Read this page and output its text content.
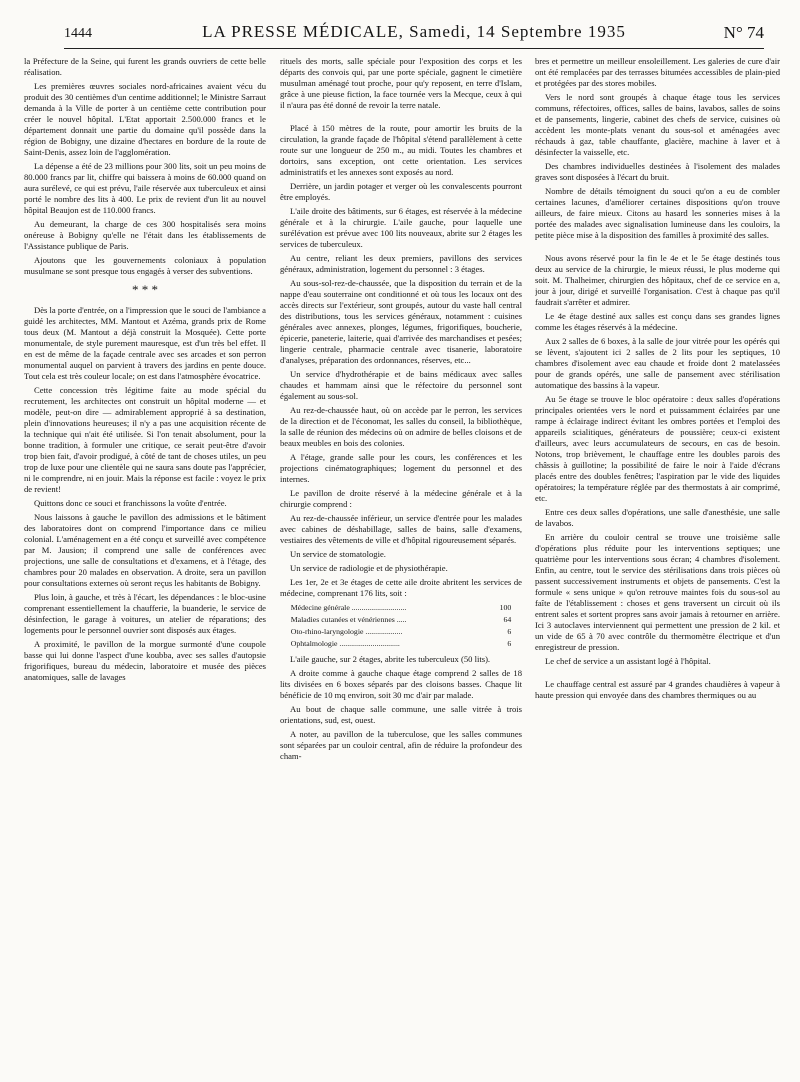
1444	LA PRESSE MÉDICALE, Samedi, 14 Septembre 1935	N° 74

la Préfecture de la Seine, qui furent les grands ouvriers de cette belle réalisation.

Les premières œuvres sociales nord-africaines avaient vécu du produit des 30 centièmes d'un centime additionnel; le Ministre Sarraut demanda à la Ville de porter à un centième cette contribution pour créer le nouvel hôpital. L'Etat apportait 2.500.000 francs et le département donnait une partie du domaine qu'il possède dans la région de Bobigny, une dizaine d'hectares en bordure de la route de Saint-Denis, assez loin de l'agglomération.

La dépense a été de 23 millions pour 300 lits, soit un peu moins de 80.000 francs par lit, chiffre qui baissera à moins de 60.000 quand on aura surélevé, ce qui est prévu, l'aile réservée aux tuberculeux et ainsi porté le nombre des lits à 400. Le prix de revient d'un lit au nouvel hôpital Beaujon est de 110.000 francs.

Au demeurant, la charge de ces 300 hospitalisés sera moins onéreuse à Bobigny qu'elle ne l'était dans les établissements de l'Assistance publique de Paris.

Ajoutons que les gouvernements coloniaux à population musulmane se sont presque tous engagés à verser des subventions.

* * *

Dès la porte d'entrée, on a l'impression que le souci de l'ambiance a guidé les architectes, MM. Mantout et Azéma, grands prix de Rome tous deux (M. Mantout a déjà construit la Mosquée). Cette porte monumentale, de style purement mauresque, est d'un très bel effet. Il en est de même de la façade centrale avec ses arcades et son perron monumental auquel on parvient à travers des jardins en pente douce. Tout cela est très couleur locale; on est dans l'atmosphère évocatrice.

Cette concession très légitime faite au mode spécial du recrutement, les architectes ont construit un hôpital moderne — et modèle, peut-on dire — admirablement approprié à sa destination, plein d'innovations heureuses; il n'y a pas une acquisition récente de la technique qui n'ait été utilisée. Si l'on tenait absolument, pour la bonne tradition, à formuler une critique, ce serait peut-être d'avoir trop bien fait, d'avoir prodigué, à côté de tant de choses utiles, un peu trop de luxe pour une clientèle qui ne saura sans doute pas l'apprécier, ni le comprendre, ni en jouir. Mais la réponse est facile : voyez le prix de revient!

Quittons donc ce souci et franchissons la voûte d'entrée.

Nous laissons à gauche le pavillon des admissions et le bâtiment des laboratoires dont on comprend l'importance dans ce milieu colonial. L'aménagement en a été conçu et surveillé avec compétence par M. Jausion; il comprend une salle de conférences avec projections, une salle de consultations et d'examens, et à l'étage, des chambres pour 20 malades en observation. A droite, sera un pavillon pour consultations externes où seront reçus les habitants de Bobigny.

Plus loin, à gauche, et très à l'écart, les dépendances : le bloc-usine comprenant essentiellement la chaufferie, la buanderie, le service de désinfection, le garage à voitures, un atelier de réparations; des logements pour le personnel ouvrier sont disposés aux étages.

A proximité, le pavillon de la morgue surmonté d'une coupole basse qui lui donne l'aspect d'une koubba, avec ses salles d'autopsie frigorifiques, bureau du médecin, laboratoire et musée des pièces anatomiques, salle de lavages

rituels des morts, salle spéciale pour l'exposition des corps et les départs des convois qui, par une porte spéciale, gagnent le cimetière musulman aménagé tout proche, pour qu'y reposent, en terre d'Islam, grâce à une pieuse fiction, la face tournée vers la Mecque, ceux à qui il n'aura pas été donné de revoir la terre natale.

Placé à 150 mètres de la route, pour amortir les bruits de la circulation, la grande façade de l'hôpital s'étend parallèlement à cette route sur une longueur de 250 m., au midi. Toutes les chambres et dortoirs, sans exception, ont cette orientation. Les services administratifs et les annexes sont exposés au nord.

Derrière, un jardin potager et verger où les convalescents pourront être employés.

L'aile droite des bâtiments, sur 6 étages, est réservée à la médecine générale et à la chirurgie. L'aile gauche, pour laquelle une surélévation est prévue avec 100 lits nouveaux, abrite sur 2 étages les services de tuberculeux.

Au centre, reliant les deux premiers, pavillons des services généraux, administration, logement du personnel : 3 étages.

Au sous-sol-rez-de-chaussée, que la disposition du terrain et de la nappe d'eau souterraine ont conditionné et où tous les locaux ont des accès directs sur l'extérieur, sont groupés, autour du vaste hall central des distributions, tous les services généraux, notamment : cuisines générales avec annexes, plonges, légumes, frigorifiques, boucherie, épicerie, paneterie, laiterie, quai d'arrivée des marchandises et pesées; lingerie centrale, pharmacie centrale avec tisanerie, laboratoire d'analyses, préparation des ordonnances, réserves, etc...

Un service d'hydrothérapie et de bains médicaux avec salles chaudes et hammam ainsi que le réfectoire du personnel sont également au sous-sol.

Au rez-de-chaussée haut, où on accède par le perron, les services de la direction et de l'économat, les salles du conseil, la bibliothèque, la salle de réunion des médecins où on admire de belles cloisons et de beaux meubles en bois des colonies.

A l'étage, grande salle pour les cours, les conférences et les projections cinématographiques; logement du personnel et des internes.

Le pavillon de droite réservé à la médecine générale et à la chirurgie comprend :

Au rez-de-chaussée inférieur, un service d'entrée pour les malades avec cabines de déshabillage, salles de bains, salle d'examens, vestiaires des vêtements de ville et d'hôpital rigoureusement séparés.

Un service de stomatologie.

Un service de radiologie et de physiothérapie.

Les 1er, 2e et 3e étages de cette aile droite abritent les services de médecine, comprenant 176 lits, soit :

Médecine générale ............................	100
Maladies cutanées et vénériennes .....	64
Oto-rhino-laryngologie ...................	6
Ophtalmologie ...............................	6

L'aile gauche, sur 2 étages, abrite les tuberculeux (50 lits).

A droite comme à gauche chaque étage comprend 2 salles de 18 lits divisées en 6 boxes séparés par des cloisons basses. Chaque lit bénéficie de 10 mq environ, soit 30 mc d'air par malade.

Au bout de chaque salle commune, une salle vitrée à trois orientations, sud, est, ouest.

A noter, au pavillon de la tuberculose, que les salles communes sont séparées par un couloir central, afin de réduire la profondeur des cham-

bres et permettre un meilleur ensoleillement. Les galeries de cure d'air ont été remplacées par des terrasses bitumées accessibles de plain-pied et protégées par des stores mobiles.

Vers le nord sont groupés à chaque étage tous les services communs, réfectoires, offices, salles de bains, lavabos, salles de soins et de pansements, lingerie, cabinet des chefs de service, cuisines où accèdent les monte-plats venant du sous-sol et aménagées avec réchauds à gaz, table chauffante, glacière, machine à laver et à désinfecter la vaisselle, etc.

Des chambres individuelles destinées à l'isolement des malades graves sont disposées à l'écart du bruit.

Nombre de détails témoignent du souci qu'on a eu de combler certaines lacunes, d'améliorer certaines dispositions qu'on trouve ailleurs, de faire mieux. Citons au hasard les sonneries mises à la portée des malades avec signalisation lumineuse dans les couloirs, la petite pièce mise à la disposition des familles à proximité des salles.

Nous avons réservé pour la fin le 4e et le 5e étage destinés tous deux au service de la chirurgie, le mieux réussi, le plus moderne qui soit. M. Thalheimer, chirurgien des hôpitaux, chef de ce service en a, jour à jour, dirigé et surveillé l'organisation. C'est à chaque pas qu'il faudrait s'arrêter et admirer.

Le 4e étage destiné aux salles est conçu dans ses grandes lignes comme les étages réservés à la médecine.

Aux 2 salles de 6 boxes, à la salle de jour vitrée pour les opérés qui se lèvent, s'ajoutent ici 2 salles de 2 lits pour les septiques, 10 chambres d'isolement avec eau chaude et froide dont 2 matelassées pour de grands opérés, une salle de pansement avec stérilisation automatique des bassins à la vapeur.

Au 5e étage se trouve le bloc opératoire : deux salles d'opérations principales orientées vers le nord et puissamment éclairées par une rampe à éclairage indirect évitant les ombres portées et l'emploi des appareils scialitiques, générateurs de poussière; ceux-ci existent d'ailleurs, avec leurs accumulateurs de secours, en cas de besoin. Notons, trop brièvement, le chauffage entre les doubles parois des châssis à guillotine; la possibilité de faire le noir à l'aide d'écrans placés entre des doubles fenêtres; l'aspiration par le vide des liquides opératoires; la température réglée par des thermostats à air comprimé, etc.

Entre ces deux salles d'opérations, une salle d'anesthésie, une salle de lavabos.

En arrière du couloir central se trouve une troisième salle d'opérations plus réduite pour les interventions septiques; une quatrième pour les interventions sous écran; 4 chambres d'isolement. Enfin, au centre, tout le service des stérilisations dans trois pièces où passent successivement instruments et objets de pansements. C'est la formule « sens unique » qu'on retrouve maintes fois du sous-sol au faîte de l'établissement : choses et gens traversent un circuit où ils entrent sales et sortent propres sans avoir jamais à retourner en arrière. Ici 3 autoclaves interviennent qui permettent une pression de 2 kil. et un vide de 65 à 70 avec contrôle du thermomètre électrique et d'un enregistreur de pression.

Le chef de service a un assistant logé à l'hôpital.

Le chauffage central est assuré par 4 grandes chaudières à vapeur à haute pression qui envoyée dans des chambres thermiques ou au
